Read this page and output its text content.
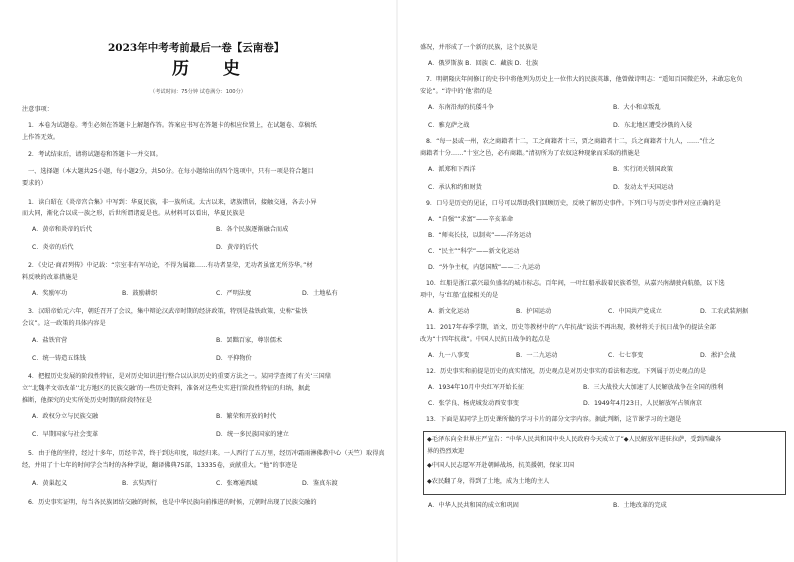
2023年中考考前最后一卷【云南卷】
历 史
（考试时间：75分钟 试卷满分：100分）
注意事项：
1．本卷为试题卷。考生必须在答题卡上解题作答。答案应书写在答题卡的相应位置上，在试题卷、草稿纸
上作答无效。
2．考试结束后，请将试题卷和答题卡一并交回。
一、选择题（本大题共25小题，每小题2分，共50分。在每小题给出的四个选项中，只有一项是符合题目
要求的）
1．读白昭在《炎帝宫合集》中写到：华夏民族，非一族所成。太古以来，诸族错居，接触交通，各去小异
而大同，渐化合以成一族之形，后世所谓诸夏是也。从材料可以看出，华夏民族是
A．黄帝和炎帝的后代	B．各个民族逐渐融合而成
C．炎帝的后代	D．黄帝的后代
2．《史记·商君列传》中记载：“宗室非有军功论，不得为属籍……有功者显荣，无功者虽富无所芬华。”材
料反映的改革措施是
A．奖励军功	B．鼓励耕织	C．严明法度	D．土地私有
3．汉昭帝始元六年，朝廷召开了会议，集中辩论汉武帝时期的经济政策，特别是盐铁政策，史称“盐铁
会议”。这一政策的具体内容是
A．盐铁官营	B．罢黜百家，尊崇儒术
C．统一铸造五铢钱	D．平抑物价
4．把握历史发展的阶段性特征，是对历史知识进行整合以认识历史的重要方法之一。某同学查阅了有关‘三国鼎
立’‘北魏孝文帝改革’‘北方地区的民族交融’的一些历史资料，准备对这些史实进行阶段性特征的归纳，据此
推断，他探究的史实所处历史时期的阶段特征是
A．政权分立与民族交融	B．繁荣和开放的时代
C．早期国家与社会变革	D．统一多民族国家的建立
5．由于他的坚持，经过十多年，历经辛苦，终于到达印度，取经归来。一人西行了五万里，经历冲霜雨淋佛教中心（天竺）取得真
经，并用了十七年的时间学会当时的各种学说，翻译佛典75部，13335卷，贡献重大。“他”的事迹是
A．黄巢起义	B．玄奘西行	C．张骞通西域	D．鉴真东渡
6．历史事实证明，每当各民族团结交融的时候，也是中华民族向前推进的时候，元朝时出现了民族交融的
盛况，并形成了一个新的民族，这个民族是
A．俄罗斯族 B．回族 C．藏族 D．壮族
7．明朝隆庆年间修订的史书中将他列为历史上一位伟大的民族英雄，他曾做诗明志：“遥知百国微茫外，未敢忘危负
安论”。“诗中的‘他’指的是
A．东南沿海的抗倭斗争	B．大小和卓叛乱
C．雅克萨之战	D．东北地区遭受沙俄的入侵
8．“每一县或一州，农之商籍者十二，工之商籍者十三，贾之商籍者十二，兵之商籍者十九人，……”仕之
商籍者十分……”十室之邑，必有商籍。”清初所为了农奴这种现象而采取的措施是
A．派郑和下西洋	B．实行闭关锁国政策
C．承认和约和财货	D．发动太平天国运动
9．口号是历史的见证，口号可以帮助我们回顾历史，反映了解历史事件。下列口号与历史事件对应正确的是
A．“自强”“求富”——辛亥革命
B．“师夷长技，以制夷”——洋务运动
C．“民主”“科学”——新文化运动
D．“外争主权，内惩国贼”——二·九运动
10．红船是浙江嘉兴最负盛名的城市标志。百年间，一叶红船承载着民族希望，从嘉兴南湖驶向航船，以下选
项中，与‘红船’直接相关的是
A．新文化运动	B．护国运动	C．中国共产党成立	D．工农武装割据
11．2017年春季学期，语文、历史等教材中的“八年抗战”说法不再出现，教材将关于抗日战争的提法全部
改为“十四年抗战”。中国人民抗日战争的起点是
A．九一八事变	B．一二九运动	C．七七事变	D．淞沪会战
12．历史事实和前提是历史的真实情况，历史观点是对历史事实的看法和态度。下列属于历史观点的是
A．1934年10月中央红军开始长征	B．三大战役大大加速了人民解放战争在全国的胜利
C．张学良、杨虎城发动西安事变	D．1949年4月23日，人民解放军占领南京
13．下面是某同学上历史课所做的学习卡片的部分文字内容。据此判断，这节课学习的主题是
◆毛泽东向全世界庄严宣告：“中华人民共和国中央人民政府今天成立了”◆人民解放军进驻拉萨，受到西藏各
界的热烈欢迎
◆中国人民志愿军开赴朝鲜战场，抗美援朝，保家卫国
◆农民翻了身，得到了土地，成为土地的主人
A．中华人民共和国的成立和巩固	B．土地改革的完成
